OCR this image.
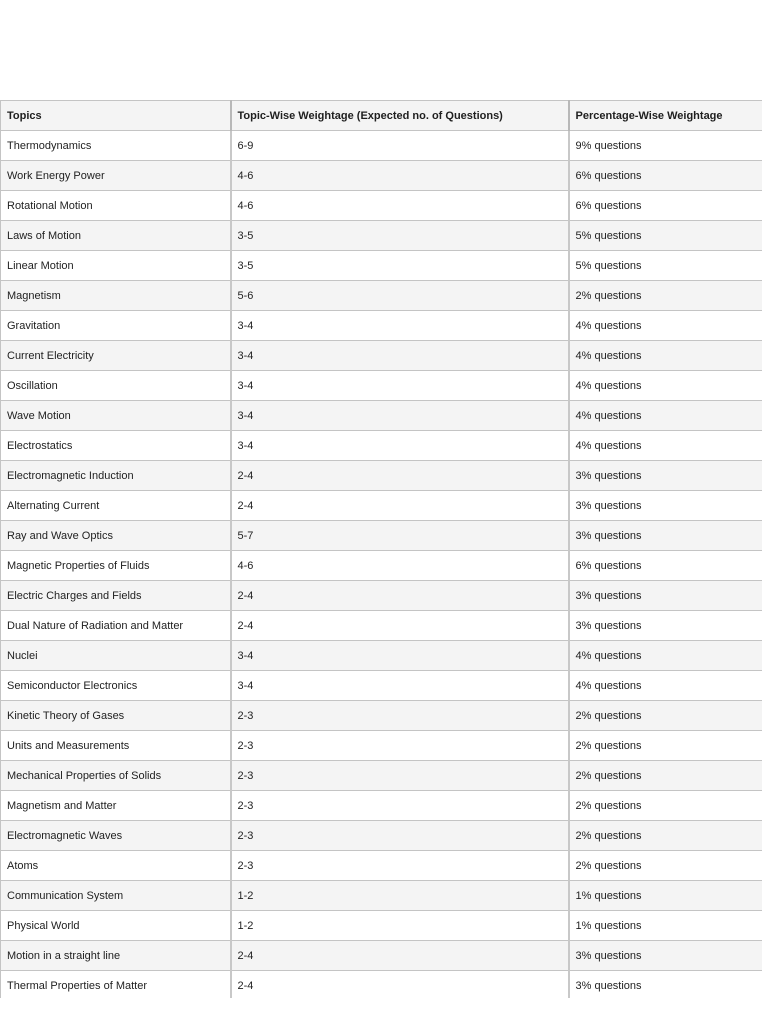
Topics	Topic-Wise Weightage (Expected no. of Questions)	Percentage-Wise Weightage
Thermodynamics	6-9	9% questions
Work Energy Power	4-6	6% questions
Rotational Motion	4-6	6% questions
Laws of Motion	3-5	5% questions
Linear Motion	3-5	5% questions
Magnetism	5-6	2% questions
Gravitation	3-4	4% questions
Current Electricity	3-4	4% questions
Oscillation	3-4	4% questions
Wave Motion	3-4	4% questions
Electrostatics	3-4	4% questions
Electromagnetic Induction	2-4	3% questions
Alternating Current	2-4	3% questions
Ray and Wave Optics	5-7	3% questions
Magnetic Properties of Fluids	4-6	6% questions
Electric Charges and Fields	2-4	3% questions
Dual Nature of Radiation and Matter	2-4	3% questions
Nuclei	3-4	4% questions
Semiconductor Electronics	3-4	4% questions
Kinetic Theory of Gases	2-3	2% questions
Units and Measurements	2-3	2% questions
Mechanical Properties of Solids	2-3	2% questions
Magnetism and Matter	2-3	2% questions
Electromagnetic Waves	2-3	2% questions
Atoms	2-3	2% questions
Communication System	1-2	1% questions
Physical World	1-2	1% questions
Motion in a straight line	2-4	3% questions
Thermal Properties of Matter	2-4	3% questions
